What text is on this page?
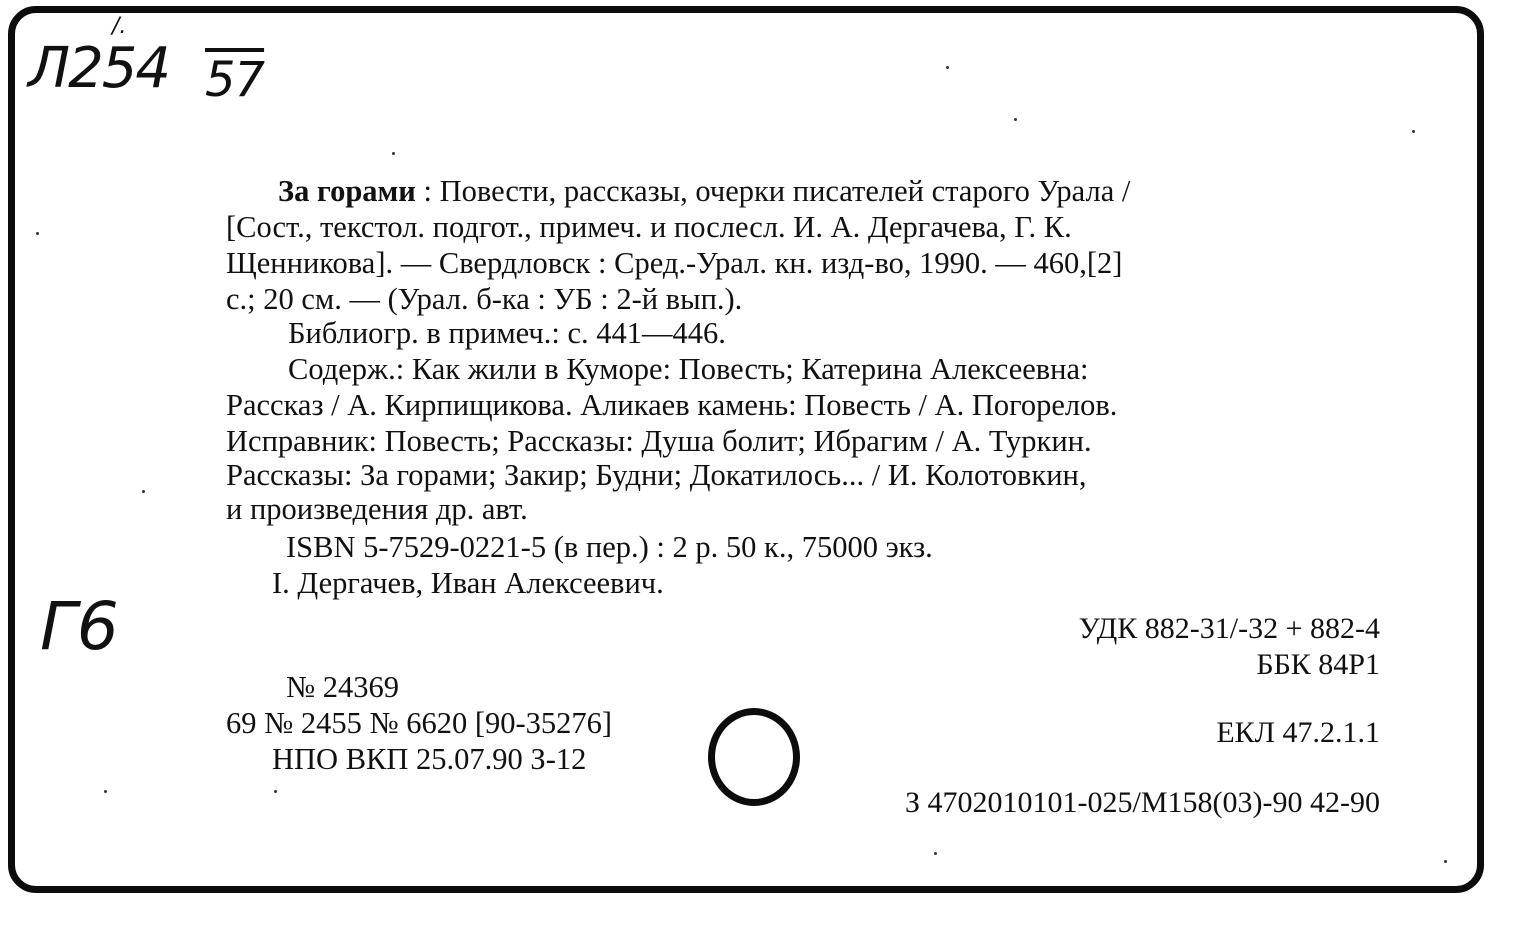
/.
Л254 57
Г6
За горами : Повести, рассказы, очерки писателей старого Урала /
[Сост., текстол. подгот., примеч. и послесл. И. А. Дергачева, Г. К.
Щенникова]. — Свердловск : Сред.-Урал. кн. изд-во, 1990. — 460,[2]
с.; 20 см. — (Урал. б-ка : УБ : 2-й вып.).
Библиогр. в примеч.: с. 441—446.
Содерж.: Как жили в Куморе: Повесть; Катерина Алексеевна:
Рассказ / А. Кирпищикова. Аликаев камень: Повесть / А. Погорелов.
Исправник: Повесть; Рассказы: Душа болит; Ибрагим / А. Туркин.
Рассказы: За горами; Закир; Будни; Докатилось... / И. Колотовкин,
и произведения др. авт.
ISBN 5-7529-0221-5 (в пер.) : 2 р. 50 к., 75000 экз.
I. Дергачев, Иван Алексеевич.
УДК 882-31/-32 + 882-4
ББК 84Р1
ЕКЛ 47.2.1.1
З 4702010101-025/М158(03)-90 42-90
№ 24369
69 № 2455 № 6620 [90-35276]
НПО ВКП 25.07.90 З-12
